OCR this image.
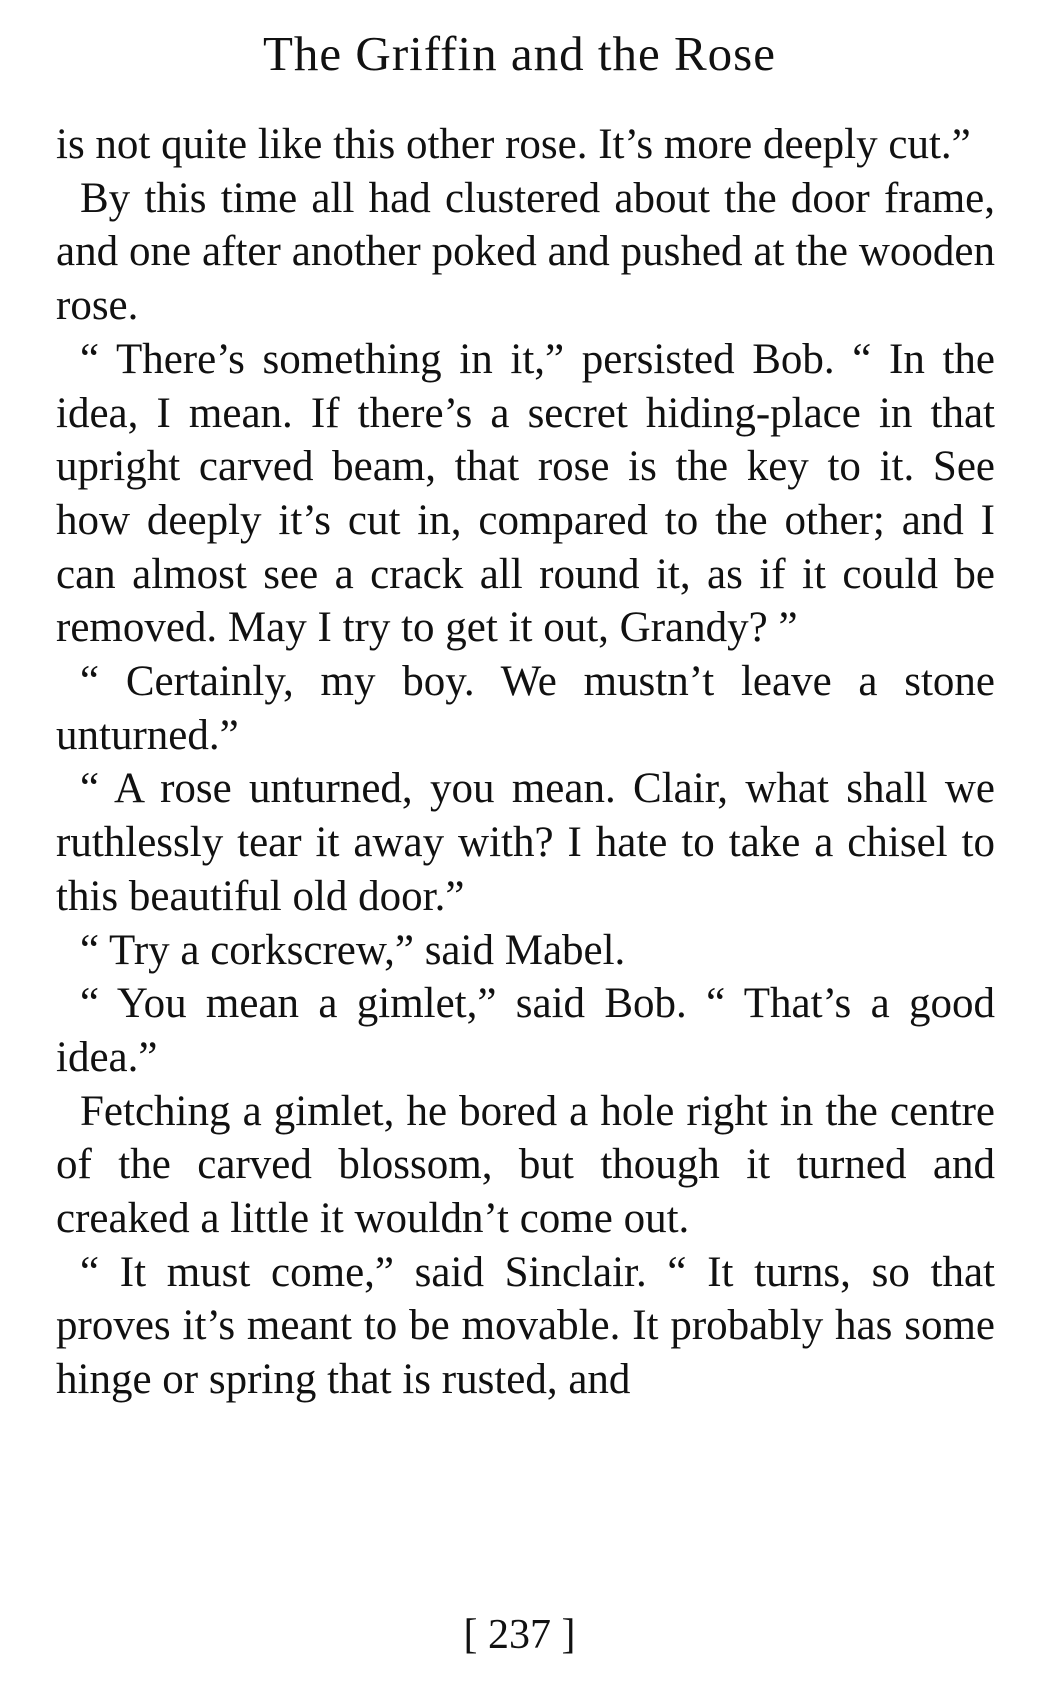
The Griffin and the Rose

is not quite like this other rose. It’s more deeply cut.”

By this time all had clustered about the door frame, and one after another poked and pushed at the wooden rose.

“ There’s something in it,” persisted Bob. “ In the idea, I mean. If there’s a secret hiding-place in that upright carved beam, that rose is the key to it. See how deeply it’s cut in, compared to the other; and I can almost see a crack all round it, as if it could be removed. May I try to get it out, Grandy? ”

“ Certainly, my boy. We mustn’t leave a stone unturned.”

“ A rose unturned, you mean. Clair, what shall we ruthlessly tear it away with? I hate to take a chisel to this beautiful old door.”

“ Try a corkscrew,” said Mabel.

“ You mean a gimlet,” said Bob. “ That’s a good idea.”

Fetching a gimlet, he bored a hole right in the centre of the carved blossom, but though it turned and creaked a little it wouldn’t come out.

“ It must come,” said Sinclair. “ It turns, so that proves it’s meant to be movable. It probably has some hinge or spring that is rusted, and

[ 237 ]
